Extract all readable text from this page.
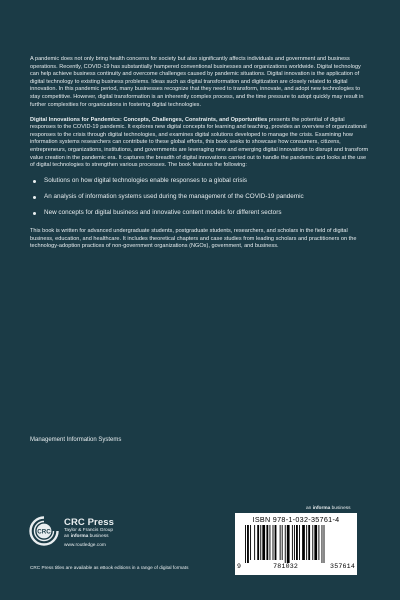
A pandemic does not only bring health concerns for society but also significantly affects individuals and government and business operations. Recently, COVID-19 has substantially hampered conventional businesses and organizations worldwide. Digital technology can help achieve business continuity and overcome challenges caused by pandemic situations. Digital innovation is the application of digital technology to existing business problems. Ideas such as digital transformation and digitization are closely related to digital innovation. In this pandemic period, many businesses recognize that they need to transform, innovate, and adopt new technologies to stay competitive. However, digital transformation is an inherently complex process, and the time pressure to adopt quickly may result in further complexities for organizations in fostering digital technologies.

Digital Innovations for Pandemics: Concepts, Challenges, Constraints, and Opportunities presents the potential of digital responses to the COVID-19 pandemic. It explores new digital concepts for learning and teaching, provides an overview of organizational responses to the crisis through digital technologies, and examines digital solutions developed to manage the crisis. Examining how information systems researchers can contribute to these global efforts, this book seeks to showcase how consumers, citizens, entrepreneurs, organizations, institutions, and governments are leveraging new and emerging digital innovations to disrupt and transform value creation in the pandemic era. It captures the breadth of digital innovations carried out to handle the pandemic and looks at the use of digital technologies to strengthen various processes. The book features the following:

Solutions on how digital technologies enable responses to a global crisis
An analysis of information systems used during the management of the COVID-19 pandemic
New concepts for digital business and innovative content models for different sectors

This book is written for advanced undergraduate students, postgraduate students, researchers, and scholars in the field of digital business, education, and healthcare. It includes theoretical chapters and case studies from leading scholars and practitioners on the technology-adoption practices of non-government organizations (NGOs), government, and business.

Management Information Systems
CRC
CRC Press
Taylor & Francis Group
an informa business
www.routledge.com
an informa business
ISBN 978-1-032-35761-4
9	781032	357614
CRC Press titles are available as eBook editions in a range of digital formats
